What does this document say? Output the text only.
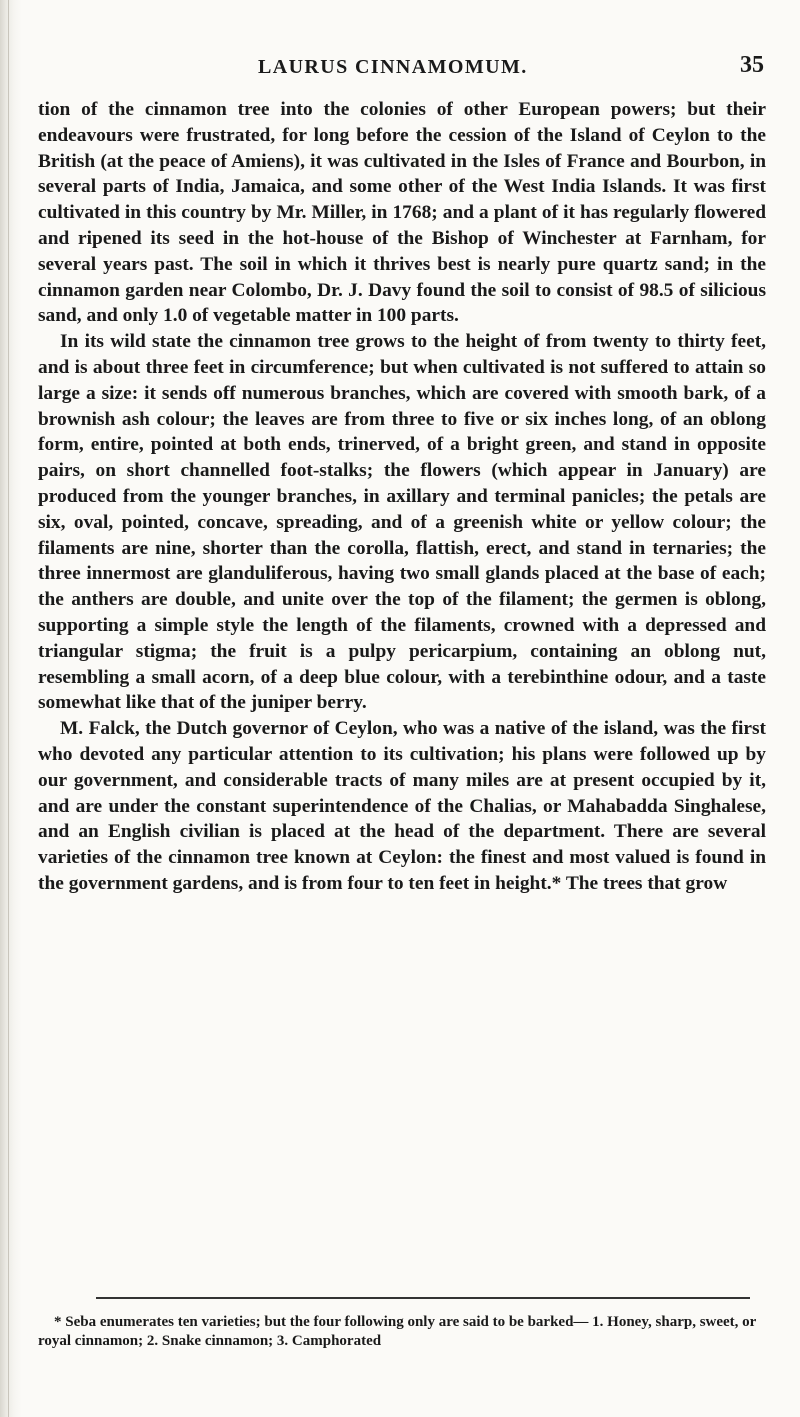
LAURUS CINNAMOMUM.	35

tion of the cinnamon tree into the colonies of other European powers; but their endeavours were frustrated, for long before the cession of the Island of Ceylon to the British (at the peace of Amiens), it was cultivated in the Isles of France and Bourbon, in several parts of India, Jamaica, and some other of the West India Islands. It was first cultivated in this country by Mr. Miller, in 1768; and a plant of it has regularly flowered and ripened its seed in the hot-house of the Bishop of Winchester at Farnham, for several years past. The soil in which it thrives best is nearly pure quartz sand; in the cinnamon garden near Colombo, Dr. J. Davy found the soil to consist of 98.5 of silicious sand, and only 1.0 of vegetable matter in 100 parts.

In its wild state the cinnamon tree grows to the height of from twenty to thirty feet, and is about three feet in circumference; but when cultivated is not suffered to attain so large a size: it sends off numerous branches, which are covered with smooth bark, of a brownish ash colour; the leaves are from three to five or six inches long, of an oblong form, entire, pointed at both ends, trinerved, of a bright green, and stand in opposite pairs, on short channelled foot-stalks; the flowers (which appear in January) are produced from the younger branches, in axillary and terminal panicles; the petals are six, oval, pointed, concave, spreading, and of a greenish white or yellow colour; the filaments are nine, shorter than the corolla, flattish, erect, and stand in ternaries; the three innermost are glanduliferous, having two small glands placed at the base of each; the anthers are double, and unite over the top of the filament; the germen is oblong, supporting a simple style the length of the filaments, crowned with a depressed and triangular stigma; the fruit is a pulpy pericarpium, containing an oblong nut, resembling a small acorn, of a deep blue colour, with a terebinthine odour, and a taste somewhat like that of the juniper berry.

M. Falck, the Dutch governor of Ceylon, who was a native of the island, was the first who devoted any particular attention to its cultivation; his plans were followed up by our government, and considerable tracts of many miles are at present occupied by it, and are under the constant superintendence of the Chalias, or Mahabadda Singhalese, and an English civilian is placed at the head of the department. There are several varieties of the cinnamon tree known at Ceylon: the finest and most valued is found in the government gardens, and is from four to ten feet in height.* The trees that grow

* Seba enumerates ten varieties; but the four following only are said to be barked— 1. Honey, sharp, sweet, or royal cinnamon; 2. Snake cinnamon; 3. Camphorated
